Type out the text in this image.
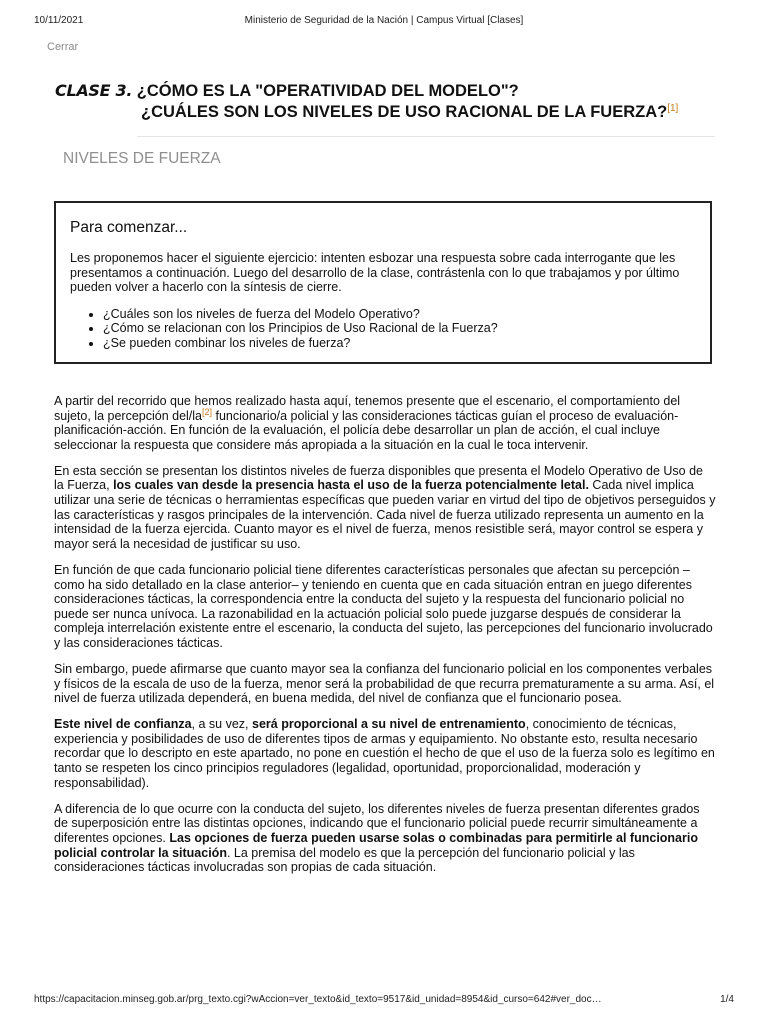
10/11/2021	Ministerio de Seguridad de la Nación | Campus Virtual [Clases]
Cerrar
CLASE 3. ¿CÓMO ES LA "OPERATIVIDAD DEL MODELO"?
¿CUÁLES SON LOS NIVELES DE USO RACIONAL DE LA FUERZA?[1]
NIVELES DE FUERZA
Para comenzar...

Les proponemos hacer el siguiente ejercicio: intenten esbozar una respuesta sobre cada interrogante que les presentamos a continuación. Luego del desarrollo de la clase, contrástenla con lo que trabajamos y por último pueden volver a hacerlo con la síntesis de cierre.

• ¿Cuáles son los niveles de fuerza del Modelo Operativo?
• ¿Cómo se relacionan con los Principios de Uso Racional de la Fuerza?
• ¿Se pueden combinar los niveles de fuerza?

A partir del recorrido que hemos realizado hasta aquí, tenemos presente que el escenario, el comportamiento del sujeto, la percepción del/la[2] funcionario/a policial y las consideraciones tácticas guían el proceso de evaluación-planificación-acción. En función de la evaluación, el policía debe desarrollar un plan de acción, el cual incluye seleccionar la respuesta que considere más apropiada a la situación en la cual le toca intervenir.

En esta sección se presentan los distintos niveles de fuerza disponibles que presenta el Modelo Operativo de Uso de la Fuerza, los cuales van desde la presencia hasta el uso de la fuerza potencialmente letal. Cada nivel implica utilizar una serie de técnicas o herramientas específicas que pueden variar en virtud del tipo de objetivos perseguidos y las características y rasgos principales de la intervención. Cada nivel de fuerza utilizado representa un aumento en la intensidad de la fuerza ejercida. Cuanto mayor es el nivel de fuerza, menos resistible será, mayor control se espera y mayor será la necesidad de justificar su uso.

En función de que cada funcionario policial tiene diferentes características personales que afectan su percepción –como ha sido detallado en la clase anterior– y teniendo en cuenta que en cada situación entran en juego diferentes consideraciones tácticas, la correspondencia entre la conducta del sujeto y la respuesta del funcionario policial no puede ser nunca unívoca. La razonabilidad en la actuación policial solo puede juzgarse después de considerar la compleja interrelación existente entre el escenario, la conducta del sujeto, las percepciones del funcionario involucrado y las consideraciones tácticas.

Sin embargo, puede afirmarse que cuanto mayor sea la confianza del funcionario policial en los componentes verbales y físicos de la escala de uso de la fuerza, menor será la probabilidad de que recurra prematuramente a su arma. Así, el nivel de fuerza utilizada dependerá, en buena medida, del nivel de confianza que el funcionario posea.

Este nivel de confianza, a su vez, será proporcional a su nivel de entrenamiento, conocimiento de técnicas, experiencia y posibilidades de uso de diferentes tipos de armas y equipamiento. No obstante esto, resulta necesario recordar que lo descripto en este apartado, no pone en cuestión el hecho de que el uso de la fuerza solo es legítimo en tanto se respeten los cinco principios reguladores (legalidad, oportunidad, proporcionalidad, moderación y responsabilidad).

A diferencia de lo que ocurre con la conducta del sujeto, los diferentes niveles de fuerza presentan diferentes grados de superposición entre las distintas opciones, indicando que el funcionario policial puede recurrir simultáneamente a diferentes opciones. Las opciones de fuerza pueden usarse solas o combinadas para permitirle al funcionario policial controlar la situación. La premisa del modelo es que la percepción del funcionario policial y las consideraciones tácticas involucradas son propias de cada situación.

https://capacitacion.minseg.gob.ar/prg_texto.cgi?wAccion=ver_texto&id_texto=9517&id_unidad=8954&id_curso=642#ver_doc…	1/4
